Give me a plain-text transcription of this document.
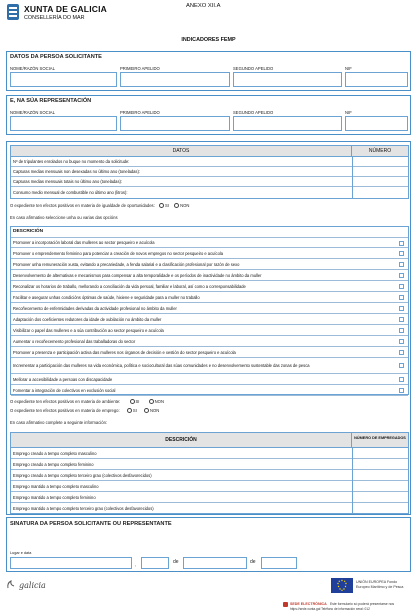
XUNTA DE GALICIA
CONSELLERÍA DO MAR
ANEXO XII.A
INDICADORES FEMP
DATOS DA PERSOA SOLICITANTE
NOME/RAZÓN SOCIAL	PRIMEIRO APELIDO	SEGUNDO APELIDO	NIF
E, NA SÚA REPRESENTACIÓN
NOME/RAZÓN SOCIAL	PRIMEIRO APELIDO	SEGUNDO APELIDO	NIF
DATOS	NÚMERO
Nº de tripulantes enrolados no buque no momento da solicitude:
Capturas medias mensuais non desexadas no último ano (toneladas):
Capturas medias mensuais totais no último ano (toneladas):
Consumo medio mensual de combustible no último ano (litros):
O expediente ten efectos positivos en materia de igualdade de oportunidades: SI	NON
En caso afirmativo seleccione unha ou varias das opcións
DESCRICIÓN
Promover a incorporación laboral das mulleres ao sector pesqueiro e acuícola
Promover o emprendemento feminino para potenciar a creación de novos empregos no sector pesqueiro e acuícola
Promover unha remuneración xusta, evitando a precariedade, a fenda salarial e a clasificación profesional por razón de sexo
Desenvolvemento de alternativas e mecanismos para compensar a alta temporalidade e os períodos de inactividade no ámbito da muller
Reconalizar os horarios de traballo, mellorando a conciliación da vida persoal, familiar e laboral, así como a corresponsabilidade
Facilitar e asegurar unhas condicións óptimas de saúde, hixiene e seguridade para a muller no traballo
Recoñecemento de enfermidades derivadas da actividade profesional no ámbito da muller
Adaptación dos coeficientes redutores da idade de xubilación no ámbito da muller
Visibilizar o papel das mulleres e a súa contribución ao sector pesqueiro e acuícola
Aumentar o recoñecemento profesional das traballadoras do sector
Promover a presenza e participación activa das mulleres nos órganos de decisión e xestión do sector pesqueiro e acuícola
Incrementar a participación das mulleres na vida económica, política e sociocultural das súas comunidades e no desenvolvemento sustentable das zonas de pesca
Mellorar a accesibilidade a persoas con discapacidade
Fomentar a integración de colectivos en exclusión social
O expediente ten efectos positivos en materia de ambiente:	SI	NON
O expediente ten efectos positivos en materia de emprego:	SI	NON
En caso afirmativo complete a seguinte información:
DESCRICIÓN	NÚMERO DE EMPREGADOS
Emprego creado a tempo completo masculino
Emprego creado a tempo completo feminino
Emprego creado a tempo completo terceiro grao (colectivos desfavorecidos)
Emprego mantido a tempo completo masculino
Emprego mantido a tempo completo feminino
Emprego mantido a tempo completo terceiro grao (colectivos desfavorecidos)
SINATURA DA PERSOA SOLICITANTE OU REPRESENTANTE
Lugar e data
,	de	de
galicia	UNIÓN EUROPEA Fondo Europeo Marítimo y de Pesca
SEDE ELECTRÓNICA Este formulario só poderá presentarse nos
https://sede.xunta.gal Teléfono de información xeral: 012
